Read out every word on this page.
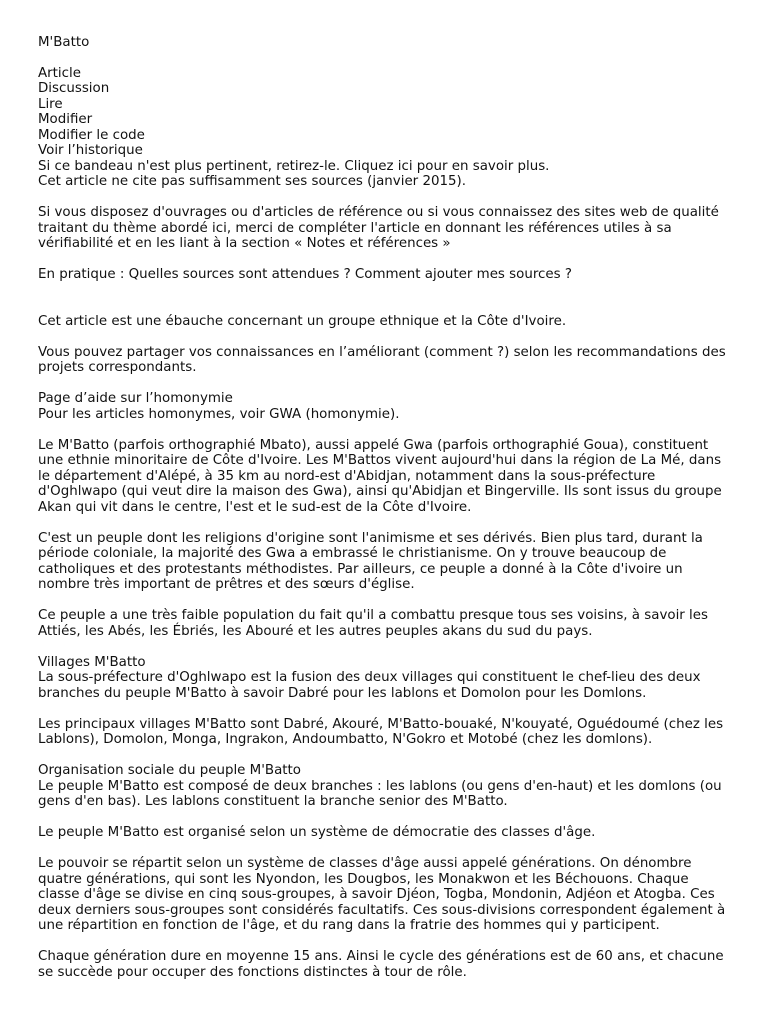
M'Batto

Article
Discussion
Lire
Modifier
Modifier le code
Voir l’historique

Si ce bandeau n'est plus pertinent, retirez-le. Cliquez ici pour en savoir plus.

Cet article ne cite pas suffisamment ses sources (janvier 2015).

Si vous disposez d'ouvrages ou d'articles de référence ou si vous connaissez des sites web de qualité traitant du thème abordé ici, merci de compléter l'article en donnant les références utiles à sa vérifiabilité et en les liant à la section « Notes et références »

En pratique : Quelles sources sont attendues ? Comment ajouter mes sources ?

Cet article est une ébauche concernant un groupe ethnique et la Côte d'Ivoire.

Vous pouvez partager vos connaissances en l’améliorant (comment ?) selon les recommandations des projets correspondants.

Page d’aide sur l’homonymie

Pour les articles homonymes, voir GWA (homonymie).

Le M'Batto (parfois orthographié Mbato), aussi appelé Gwa (parfois orthographié Goua), constituent une ethnie minoritaire de Côte d'Ivoire. Les M'Battos vivent aujourd'hui dans la région de La Mé, dans le département d'Alépé, à 35 km au nord-est d'Abidjan, notamment dans la sous-préfecture d'Oghlwapo (qui veut dire la maison des Gwa), ainsi qu'Abidjan et Bingerville. Ils sont issus du groupe Akan qui vit dans le centre, l'est et le sud-est de la Côte d'Ivoire.

C'est un peuple dont les religions d'origine sont l'animisme et ses dérivés. Bien plus tard, durant la période coloniale, la majorité des Gwa a embrassé le christianisme. On y trouve beaucoup de catholiques et des protestants méthodistes. Par ailleurs, ce peuple a donné à la Côte d'ivoire un nombre très important de prêtres et des sœurs d'église.

Ce peuple a une très faible population du fait qu'il a combattu presque tous ses voisins, à savoir les Attiés, les Abés, les Ébriés, les Abouré et les autres peuples akans du sud du pays.

Villages M'Batto

La sous-préfecture d'Oghlwapo est la fusion des deux villages qui constituent le chef-lieu des deux branches du peuple M'Batto à savoir Dabré pour les lablons et Domolon pour les Domlons.

Les principaux villages M'Batto sont Dabré, Akouré, M'Batto-bouaké, N'kouyaté, Oguédoumé (chez les Lablons), Domolon, Monga, Ingrakon, Andoumbatto, N'Gokro et Motobé (chez les domlons).

Organisation sociale du peuple M'Batto

Le peuple M'Batto est composé de deux branches : les lablons (ou gens d'en-haut) et les domlons (ou gens d'en bas). Les lablons constituent la branche senior des M'Batto.

Le peuple M'Batto est organisé selon un système de démocratie des classes d'âge.

Le pouvoir se répartit selon un système de classes d'âge aussi appelé générations. On dénombre quatre générations, qui sont les Nyondon, les Dougbos, les Monakwon et les Béchouons. Chaque classe d'âge se divise en cinq sous-groupes, à savoir Djéon, Togba, Mondonin, Adjéon et Atogba. Ces deux derniers sous-groupes sont considérés facultatifs. Ces sous-divisions correspondent également à une répartition en fonction de l'âge, et du rang dans la fratrie des hommes qui y participent.

Chaque génération dure en moyenne 15 ans. Ainsi le cycle des générations est de 60 ans, et chacune se succède pour occuper des fonctions distinctes à tour de rôle.
